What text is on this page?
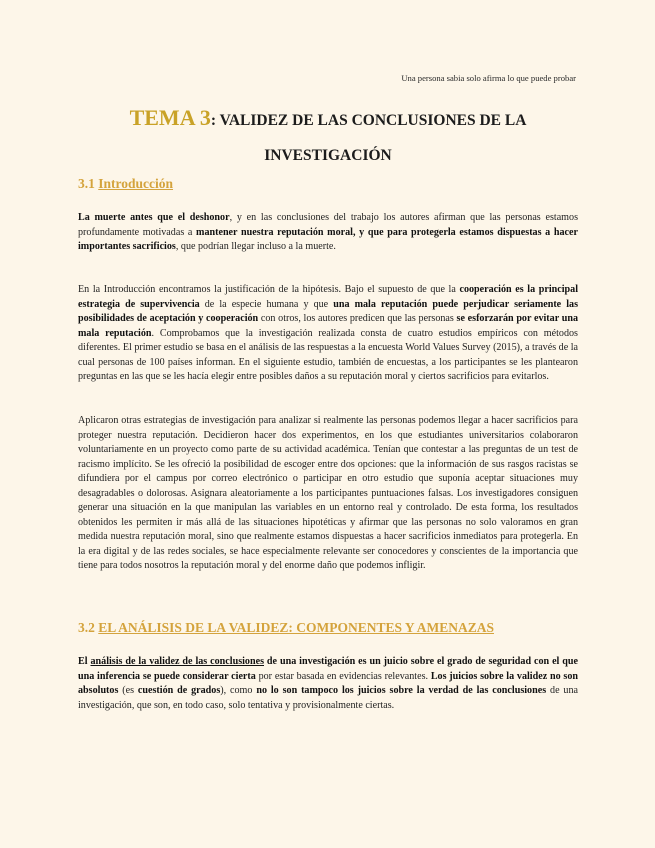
Una persona sabia solo afirma lo que puede probar
TEMA 3: VALIDEZ DE LAS CONCLUSIONES DE LA INVESTIGACIÓN
3.1 Introducción
La muerte antes que el deshonor, y en las conclusiones del trabajo los autores afirman que las personas estamos profundamente motivadas a mantener nuestra reputación moral, y que para protegerla estamos dispuestas a hacer importantes sacrificios, que podrían llegar incluso a la muerte.
En la Introducción encontramos la justificación de la hipótesis. Bajo el supuesto de que la cooperación es la principal estrategia de supervivencia de la especie humana y que una mala reputación puede perjudicar seriamente las posibilidades de aceptación y cooperación con otros, los autores predicen que las personas se esforzarán por evitar una mala reputación. Comprobamos que la investigación realizada consta de cuatro estudios empíricos con métodos diferentes. El primer estudio se basa en el análisis de las respuestas a la encuesta World Values Survey (2015), a través de la cual personas de 100 países informan. En el siguiente estudio, también de encuestas, a los participantes se les plantearon preguntas en las que se les hacía elegir entre posibles daños a su reputación moral y ciertos sacrificios para evitarlos.
Aplicaron otras estrategias de investigación para analizar si realmente las personas podemos llegar a hacer sacrificios para proteger nuestra reputación. Decidieron hacer dos experimentos, en los que estudiantes universitarios colaboraron voluntariamente en un proyecto como parte de su actividad académica. Tenían que contestar a las preguntas de un test de racismo implícito. Se les ofreció la posibilidad de escoger entre dos opciones: que la información de sus rasgos racistas se difundiera por el campus por correo electrónico o participar en otro estudio que suponía aceptar situaciones muy desagradables o dolorosas. Asignara aleatoriamente a los participantes puntuaciones falsas. Los investigadores consiguen generar una situación en la que manipulan las variables en un entorno real y controlado. De esta forma, los resultados obtenidos les permiten ir más allá de las situaciones hipotéticas y afirmar que las personas no solo valoramos en gran medida nuestra reputación moral, sino que realmente estamos dispuestas a hacer sacrificios inmediatos para protegerla. En la era digital y de las redes sociales, se hace especialmente relevante ser conocedores y conscientes de la importancia que tiene para todos nosotros la reputación moral y del enorme daño que podemos infligir.
3.2 EL ANÁLISIS DE LA VALIDEZ: COMPONENTES Y AMENAZAS
El análisis de la validez de las conclusiones de una investigación es un juicio sobre el grado de seguridad con el que una inferencia se puede considerar cierta por estar basada en evidencias relevantes. Los juicios sobre la validez no son absolutos (es cuestión de grados), como no lo son tampoco los juicios sobre la verdad de las conclusiones de una investigación, que son, en todo caso, solo tentativa y provisionalmente ciertas.
